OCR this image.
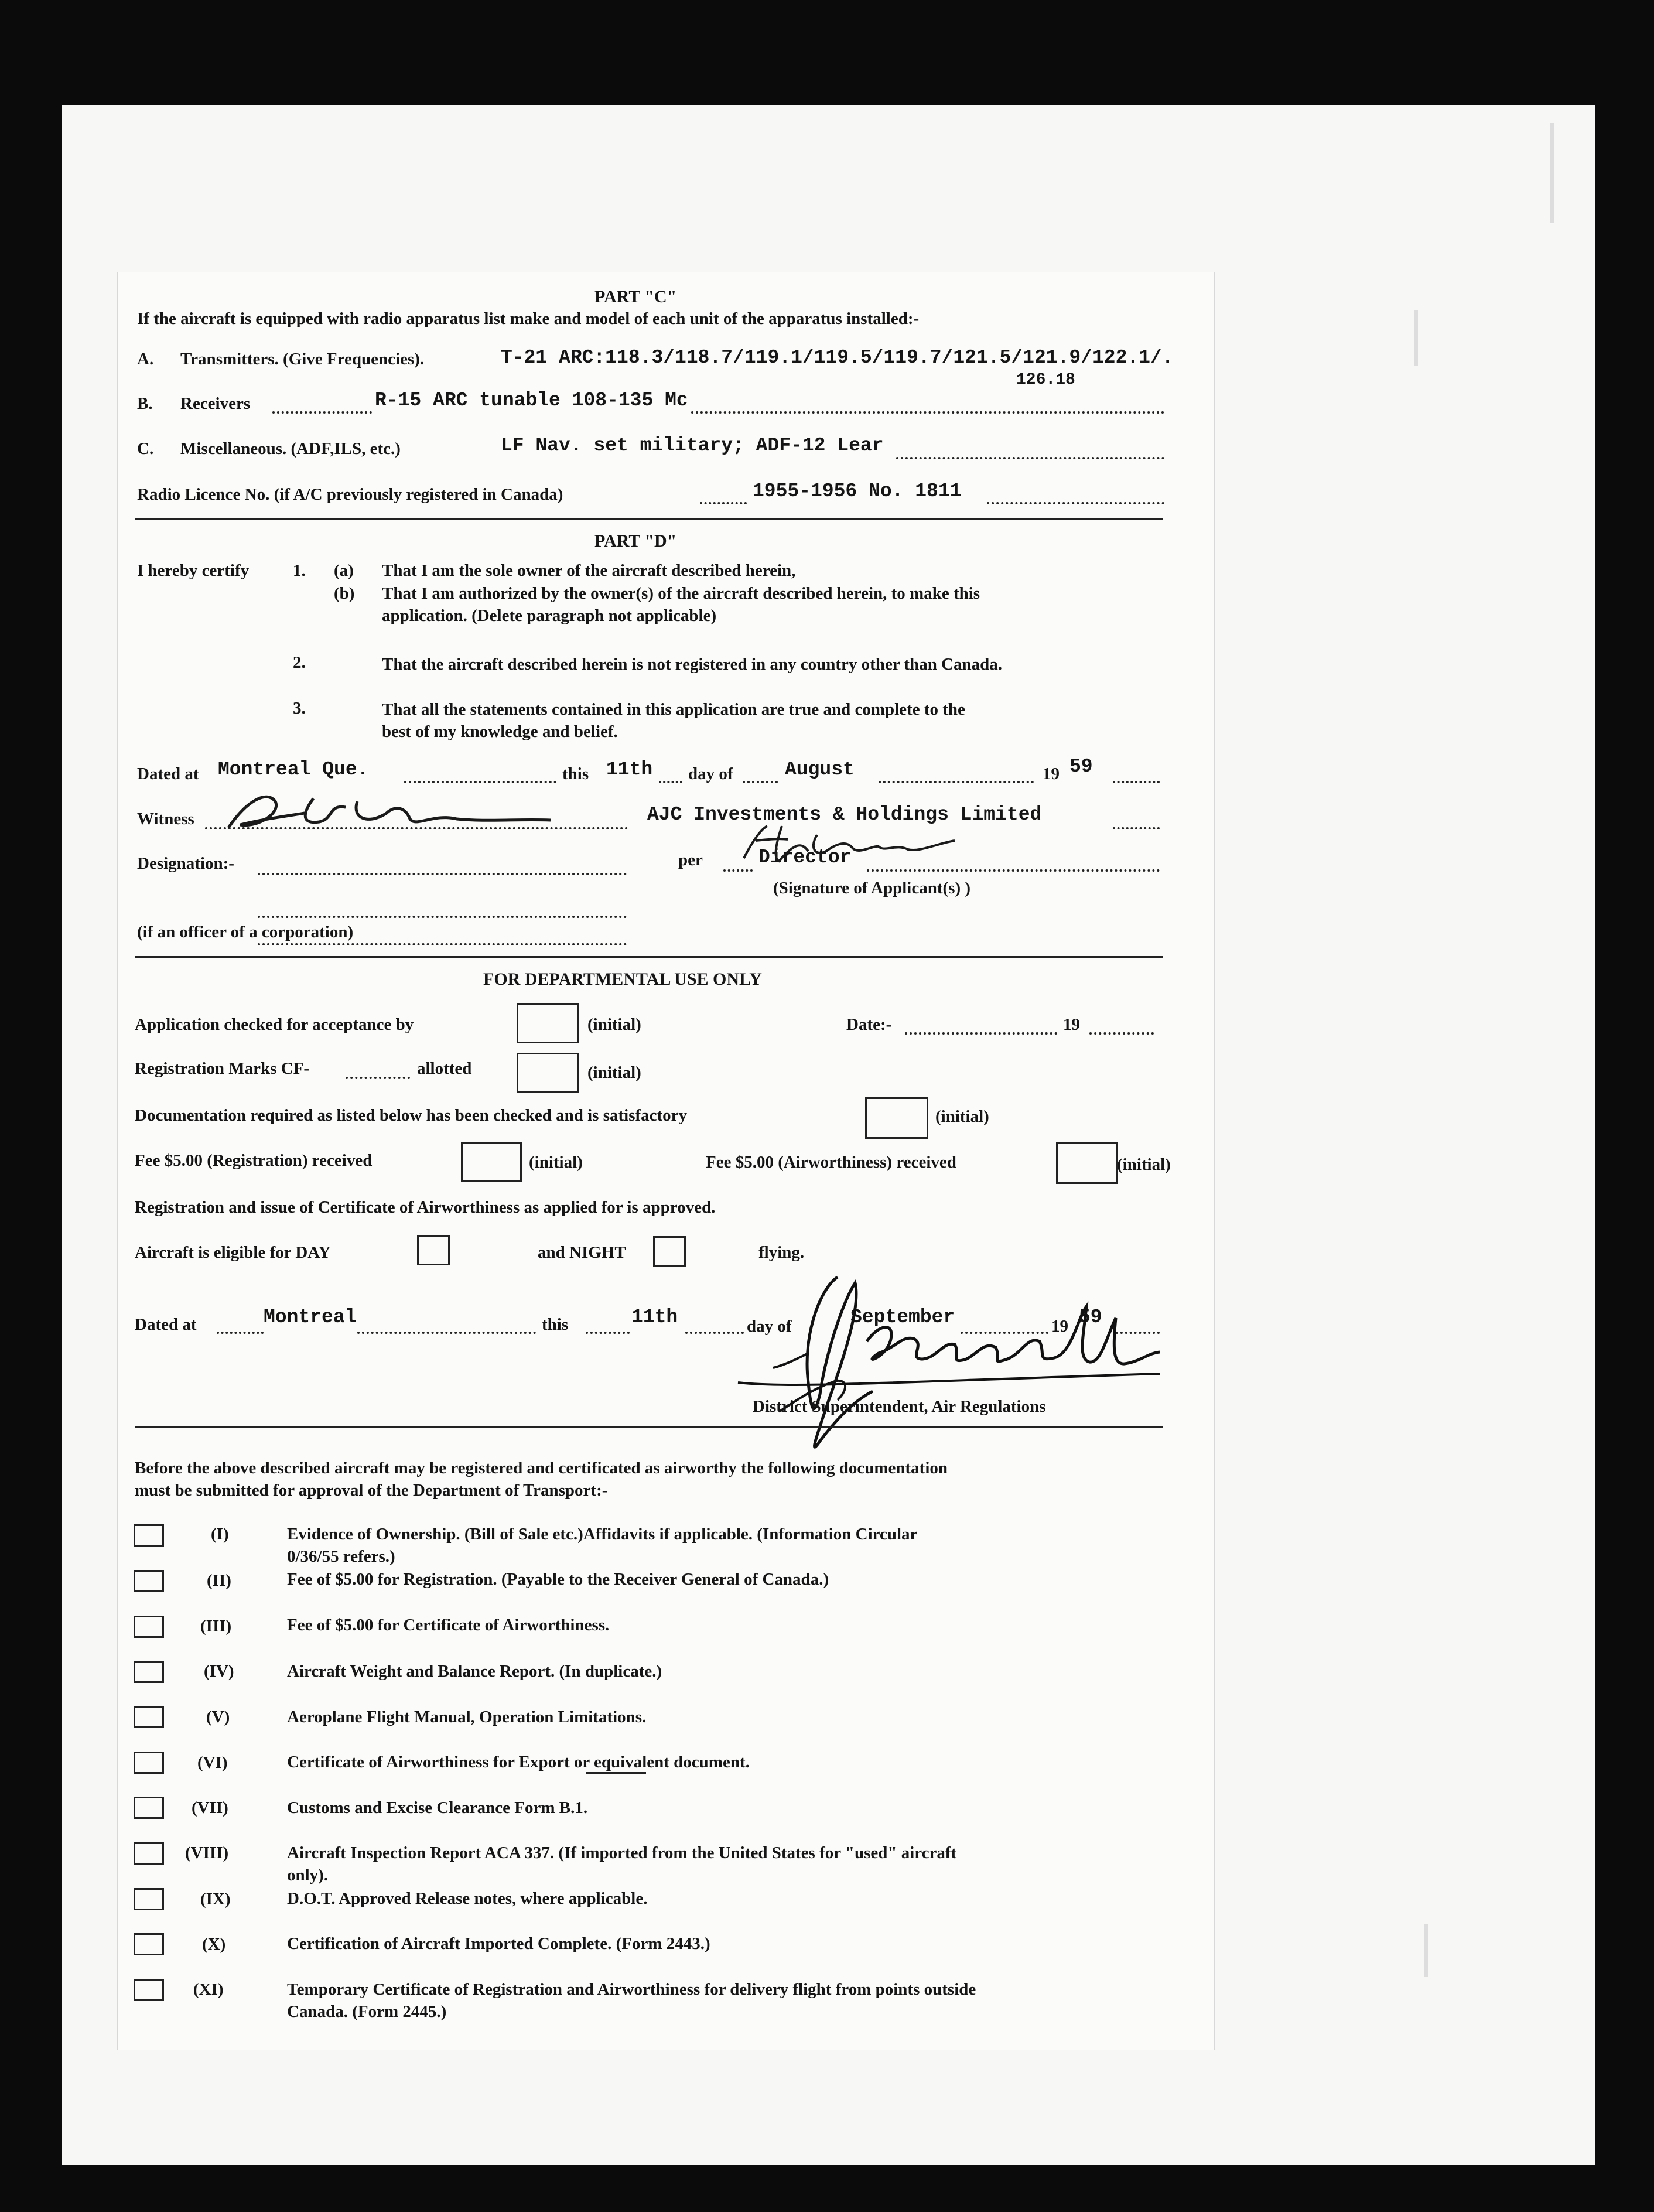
PART "C"
If the aircraft is equipped with radio apparatus list make and model of each unit of the apparatus installed:-
A. Transmitters. (Give Frequencies).	T-21 ARC:118.3/118.7/119.1/119.5/119.7/121.5/121.9/122.1/.
126.18
B. Receivers	R-15 ARC tunable 108-135 Mc
C. Miscellaneous. (ADF,ILS, etc.)	LF Nav. set military; ADF-12 Lear
Radio Licence No. (if A/C previously registered in Canada)	1955-1956 No. 1811
PART "D"
I hereby certify	1. (a) That I am the sole owner of the aircraft described herein,
(b) That I am authorized by the owner(s) of the aircraft described herein, to make this
application. (Delete paragraph not applicable)
2.	That the aircraft described herein is not registered in any country other than Canada.
3.	That all the statements contained in this application are true and complete to the
best of my knowledge and belief.
Dated at Montreal Que.	this 11th day of	August	19 59
Witness	AJC Investments & Holdings Limited
Designation:-	per	Director
(Signature of Applicant(s) )
(if an officer of a corporation)
FOR DEPARTMENTAL USE ONLY
Application checked for acceptance by	(initial)	Date:-	19
Registration Marks CF-	allotted	(initial)
Documentation required as listed below has been checked and is satisfactory	(initial)
Fee $5.00 (Registration) received	(initial)	Fee $5.00 (Airworthiness) received	(initial)
Registration and issue of Certificate of Airworthiness as applied for is approved.
Aircraft is eligible for DAY	and NIGHT	flying.
Dated at	Montreal	this	11th	day of	September	19 59
District Superintendent, Air Regulations
Before the above described aircraft may be registered and certificated as airworthy the following documentation
must be submitted for approval of the Department of Transport:-
(I)	Evidence of Ownership. (Bill of Sale etc.)Affidavits if applicable. (Information Circular
0/36/55 refers.)
(II)	Fee of $5.00 for Registration. (Payable to the Receiver General of Canada.)
(III)	Fee of $5.00 for Certificate of Airworthiness.
(IV)	Aircraft Weight and Balance Report. (In duplicate.)
(V)	Aeroplane Flight Manual, Operation Limitations.
(VI)	Certificate of Airworthiness for Export or equivalent document.
(VII)	Customs and Excise Clearance Form B.1.
(VIII)	Aircraft Inspection Report ACA 337. (If imported from the United States for "used" aircraft
only).
(IX)	D.O.T. Approved Release notes, where applicable.
(X)	Certification of Aircraft Imported Complete. (Form 2443.)
(XI)	Temporary Certificate of Registration and Airworthiness for delivery flight from points outside
Canada. (Form 2445.)
